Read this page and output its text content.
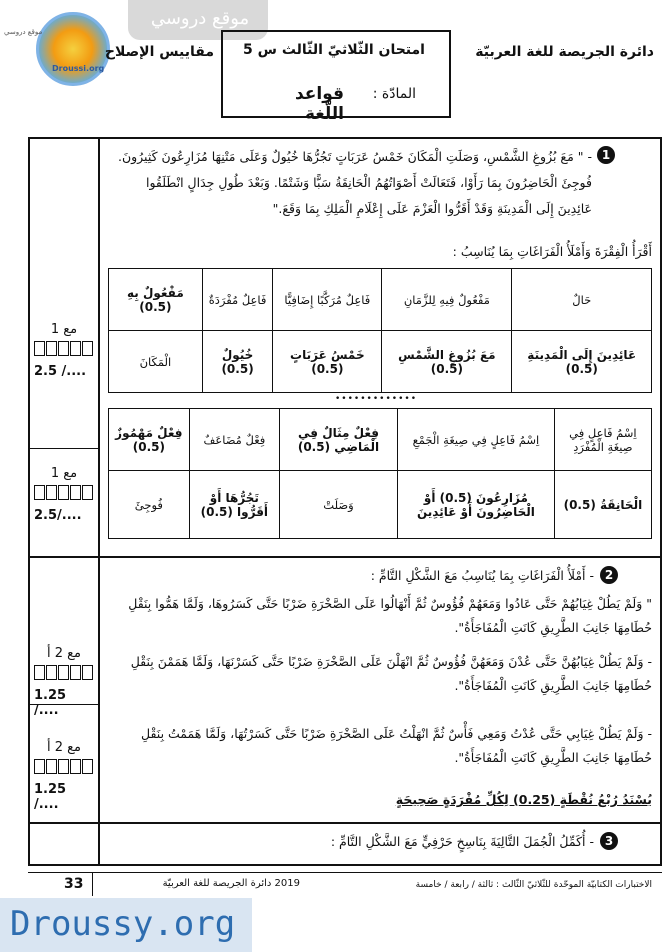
موقع دروسي
Droussi.org
موقع دروسي
مقاييس الإصلاح	امتحان الثّلاثيّ الثّالث س 5
المادّة :
قواعد اللّغة
دائرة الجريصة للغة العربيّة
1
- " مَعَ بُزُوغِ الشَّمْسِ، وَصَلَتِ الْمَكَانَ خَمْسُ عَرَبَاتٍ تَجُرُّهَا خُيُولٌ وَعَلَى مَتْنِهَا مُزَارِعُونَ كَثِيرُونَ. فُوجِئَ الْحَاضِرُونَ بِمَا رَأَوْا، فَتَعَالَتْ أَصْوَاتُهُمُ الْحَانِقَةُ سَبًّا وَشَتْمًا. وَبَعْدَ طُولِ جِدَالٍ انْطَلَقُوا عَائِدِينَ إِلَى الْمَدِينَةِ وَقَدْ أَقَرُّوا الْعَزْمَ عَلَى إِعْلَامِ الْمَلِكِ بِمَا وَقَعَ."
أَقْرَأُ الْفِقْرَةَ وَأَمْلَأُ الْفَرَاغَاتِ بِمَا يُنَاسِبُ :
مَفْعُولٌ بِهِ (0.5)	فَاعِلٌ مُفْرَدَةٌ	فَاعِلٌ مُرَكَّبًا إِضَافِيًّا	مَفْعُولٌ فِيهِ لِلزَّمَانِ	حَالٌ
الْمَكَانَ	خُيُولٌ (0.5)	خَمْسُ عَرَبَاتٍ (0.5)	مَعَ بُزُوغِ الشَّمْسِ (0.5)	عَائِدِينَ إِلَى الْمَدِينَةِ (0.5)
•••••••••••••
فِعْلٌ مَهْمُوزٌ (0.5)	فِعْلٌ مُضَاعَفٌ	فِعْلٌ مِثَالٌ فِي الْمَاضِي (0.5)	اِسْمُ فَاعِلٍ فِي صِيغَةِ الْجَمْعِ	اِسْمُ فَاعِلٍ فِي صِيغَةِ الْمُفْرَدِ
فُوجِئَ	تَجُرُّهَا أَوْ أَقَرُّوا (0.5)	وَصَلَتْ	مُزَارِعُونَ (0.5) أَوْ الْحَاضِرُونَ أَوْ عَائِدِينَ	الْحَانِقَةُ (0.5)
2
- أَمْلَأُ الْفَرَاغَاتِ بِمَا يُنَاسِبُ مَعَ الشَّكْلِ التَّامِّ :
" وَلَمْ يَطُلْ غِيَابُهُمْ حَتَّى عَادُوا وَمَعَهُمْ فُؤُوسٌ ثُمَّ أَنْهَالُوا عَلَى الصَّخْرَةِ ضَرْبًا حَتَّى كَسَرُوهَا، وَلَمَّا هَمُّوا بِنَقْلِ حُطَامِهَا جَانِبَ الطَّرِيقِ كَانَتِ الْمُفَاجَأَةُ".
- وَلَمْ يَطُلْ غِيَابُهُنَّ حَتَّى عُدْنَ وَمَعَهُنَّ فُؤُوسٌ ثُمَّ انْهَلْنَ عَلَى الصَّخْرَةِ ضَرْبًا حَتَّى كَسَرْنَهَا، وَلَمَّا هَمَمْنَ بِنَقْلِ حُطَامِهَا جَانِبَ الطَّرِيقِ كَانَتِ الْمُفَاجَأَةُ".
- وَلَمْ يَطُلْ غِيَابِي حَتَّى عُدْتُ وَمَعِي فَأْسٌ ثُمَّ انْهَلْتُ عَلَى الصَّخْرَةِ ضَرْبًا حَتَّى كَسَرْتُهَا، وَلَمَّا هَمَمْتُ بِنَقْلِ حُطَامِهَا جَانِبَ الطَّرِيقِ كَانَتِ الْمُفَاجَأَةُ".
يُسْنَدُ رُبْعُ نُقْطَةٍ (0.25) لِكُلِّ مُفْرَدَةٍ صَحِيحَةٍ
3
- أُكَمِّلُ الْجُمَلَ التَّالِيَةَ بِنَاسِخٍ حَرْفِيٍّ مَعَ الشَّكْلِ التَّامِّ :
مع 1
2.5 /....
مع 1
2.5/....
مع 2 أ
1.25 /....
مع 2 أ
1.25 /....
33	2019 دائرة الجريصة للغة العربيّة	الاختبارات الكتابيّة الموحّدة للثّلاثيّ الثّالث : ثالثة / رابعة / خامسة
Droussy.org
